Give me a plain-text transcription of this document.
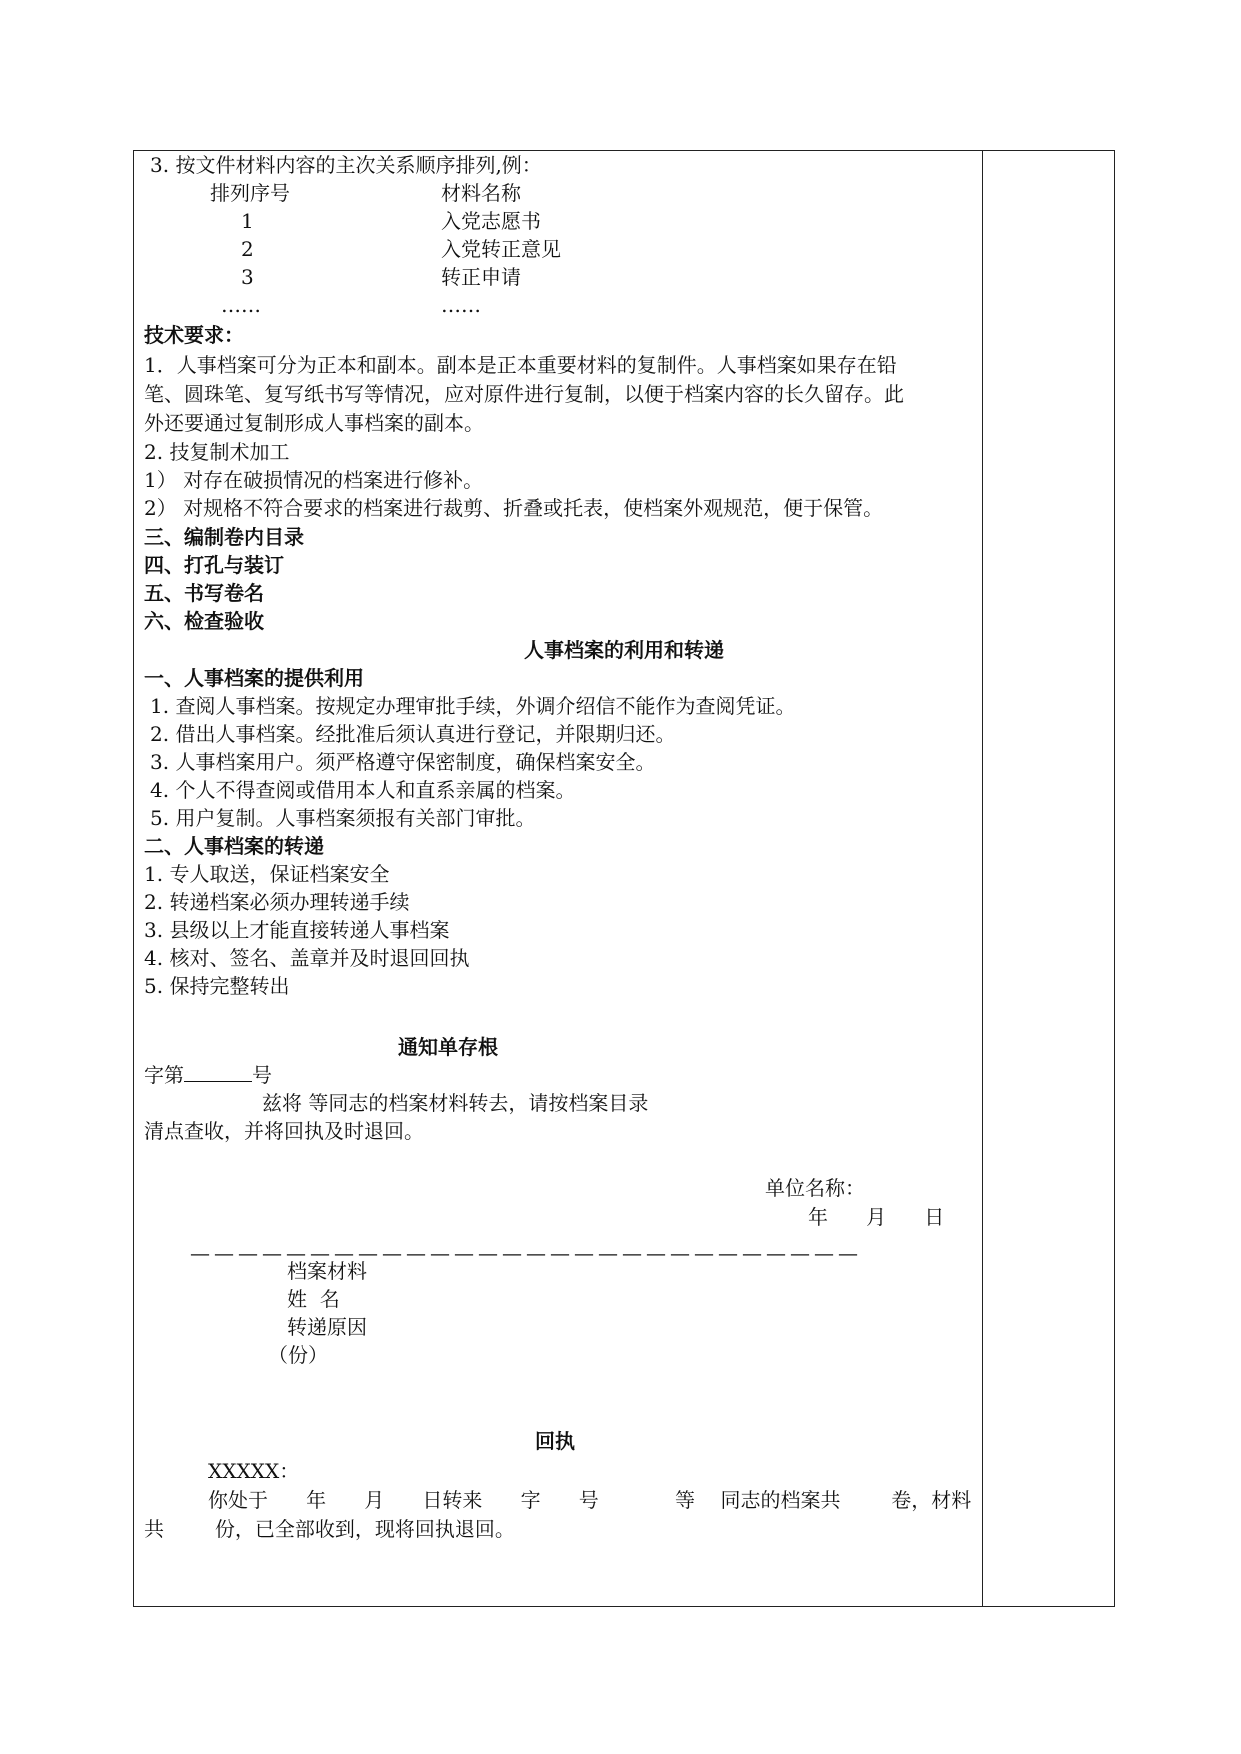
3. 按文件材料内容的主次关系顺序排列,例：
排列序号	材料名称
1	入党志愿书
2	入党转正意见
3	转正申请
……	……
技术要求：
1．人事档案可分为正本和副本。副本是正本重要材料的复制件。人事档案如果存在铅
笔、圆珠笔、复写纸书写等情况，应对原件进行复制，以便于档案内容的长久留存。此
外还要通过复制形成人事档案的副本。
2. 技复制术加工
1） 对存在破损情况的档案进行修补。
2） 对规格不符合要求的档案进行裁剪、折叠或托表，使档案外观规范，便于保管。
三、编制卷内目录
四、打孔与装订
五、书写卷名
六、检查验收
人事档案的利用和转递
一、人事档案的提供利用
1. 查阅人事档案。按规定办理审批手续，外调介绍信不能作为查阅凭证。
2. 借出人事档案。经批准后须认真进行登记，并限期归还。
3. 人事档案用户。须严格遵守保密制度，确保档案安全。
4. 个人不得查阅或借用本人和直系亲属的档案。
5. 用户复制。人事档案须报有关部门审批。
二、人事档案的转递
1. 专人取送，保证档案安全
2. 转递档案必须办理转递手续
3. 县级以上才能直接转递人事档案
4. 核对、签名、盖章并及时退回回执
5. 保持完整转出
通知单存根
字第	号
兹将 等同志的档案材料转去，请按档案目录
清点查收，并将回执及时退回。
单位名称：
年      月      日
————————————————————————————
档案材料
姓  名
转递原因
（份）
回执
XXXXX：
你处于      年      月      日转来      字      号            等    同志的档案共        卷，材料
共        份，已全部收到，现将回执退回。
